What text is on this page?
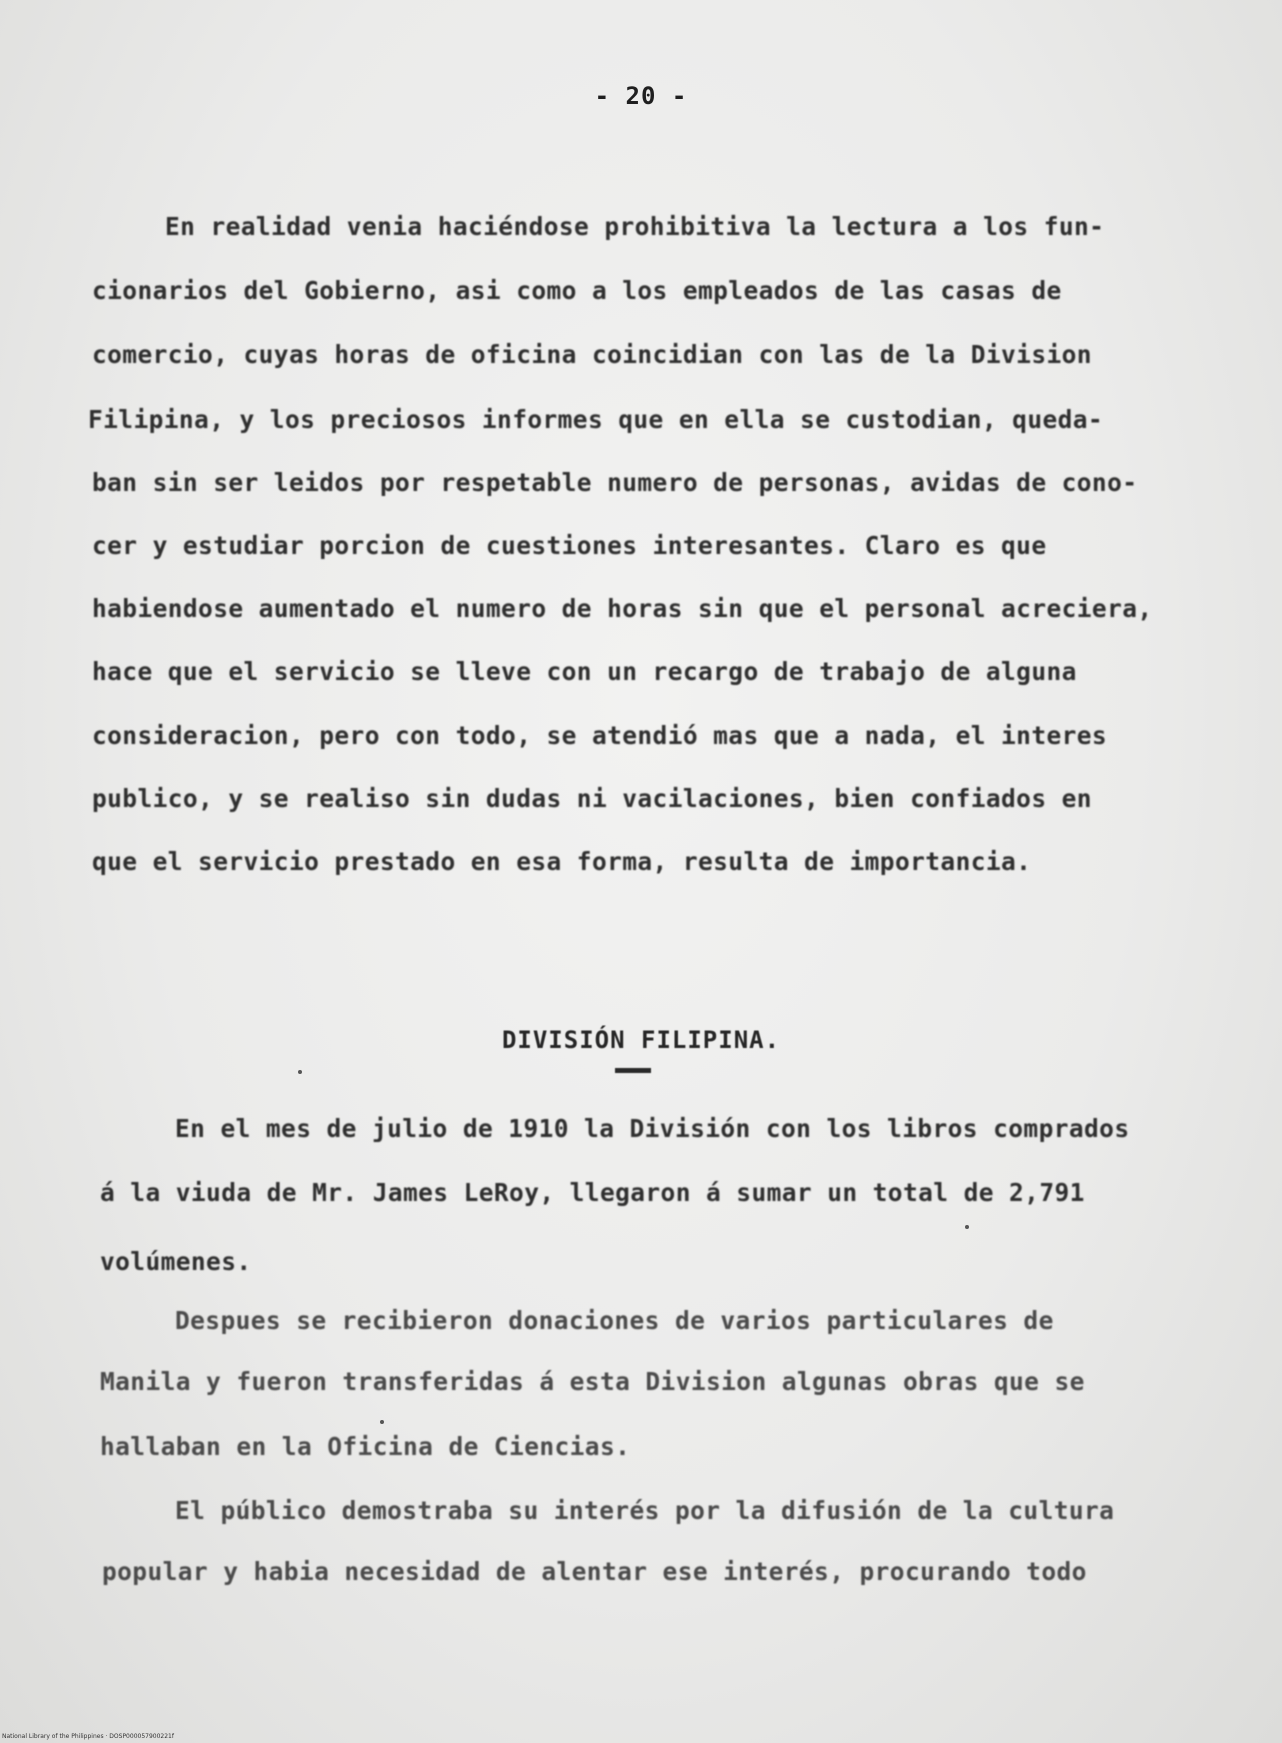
- 20 -
En realidad venia haciéndose prohibitiva la lectura a los fun-
cionarios del Gobierno, asi como a los empleados de las casas de
comercio, cuyas horas de oficina coincidian con las de la Division
Filipina, y los preciosos informes que en ella se custodian, queda-
ban sin ser leidos por respetable numero de personas, avidas de cono-
cer y estudiar porcion de cuestiones interesantes. Claro es que
habiendose aumentado el numero de horas sin que el personal acreciera,
hace que el servicio se lleve con un recargo de trabajo de alguna
consideracion, pero con todo, se atendió mas que a nada, el interes
publico, y se realiso sin dudas ni vacilaciones, bien confiados en
que el servicio prestado en esa forma, resulta de importancia.
DIVISIÓN FILIPINA.
En el mes de julio de 1910 la División con los libros comprados
á la viuda de Mr. James LeRoy, llegaron á sumar un total de 2,791
volúmenes.
Despues se recibieron donaciones de varios particulares de
Manila y fueron transferidas á esta Division algunas obras que se
hallaban en la Oficina de Ciencias.
El público demostraba su interés por la difusión de la cultura
popular y habia necesidad de alentar ese interés, procurando todo
National Library of the Philippines · DOSP000057900221f
